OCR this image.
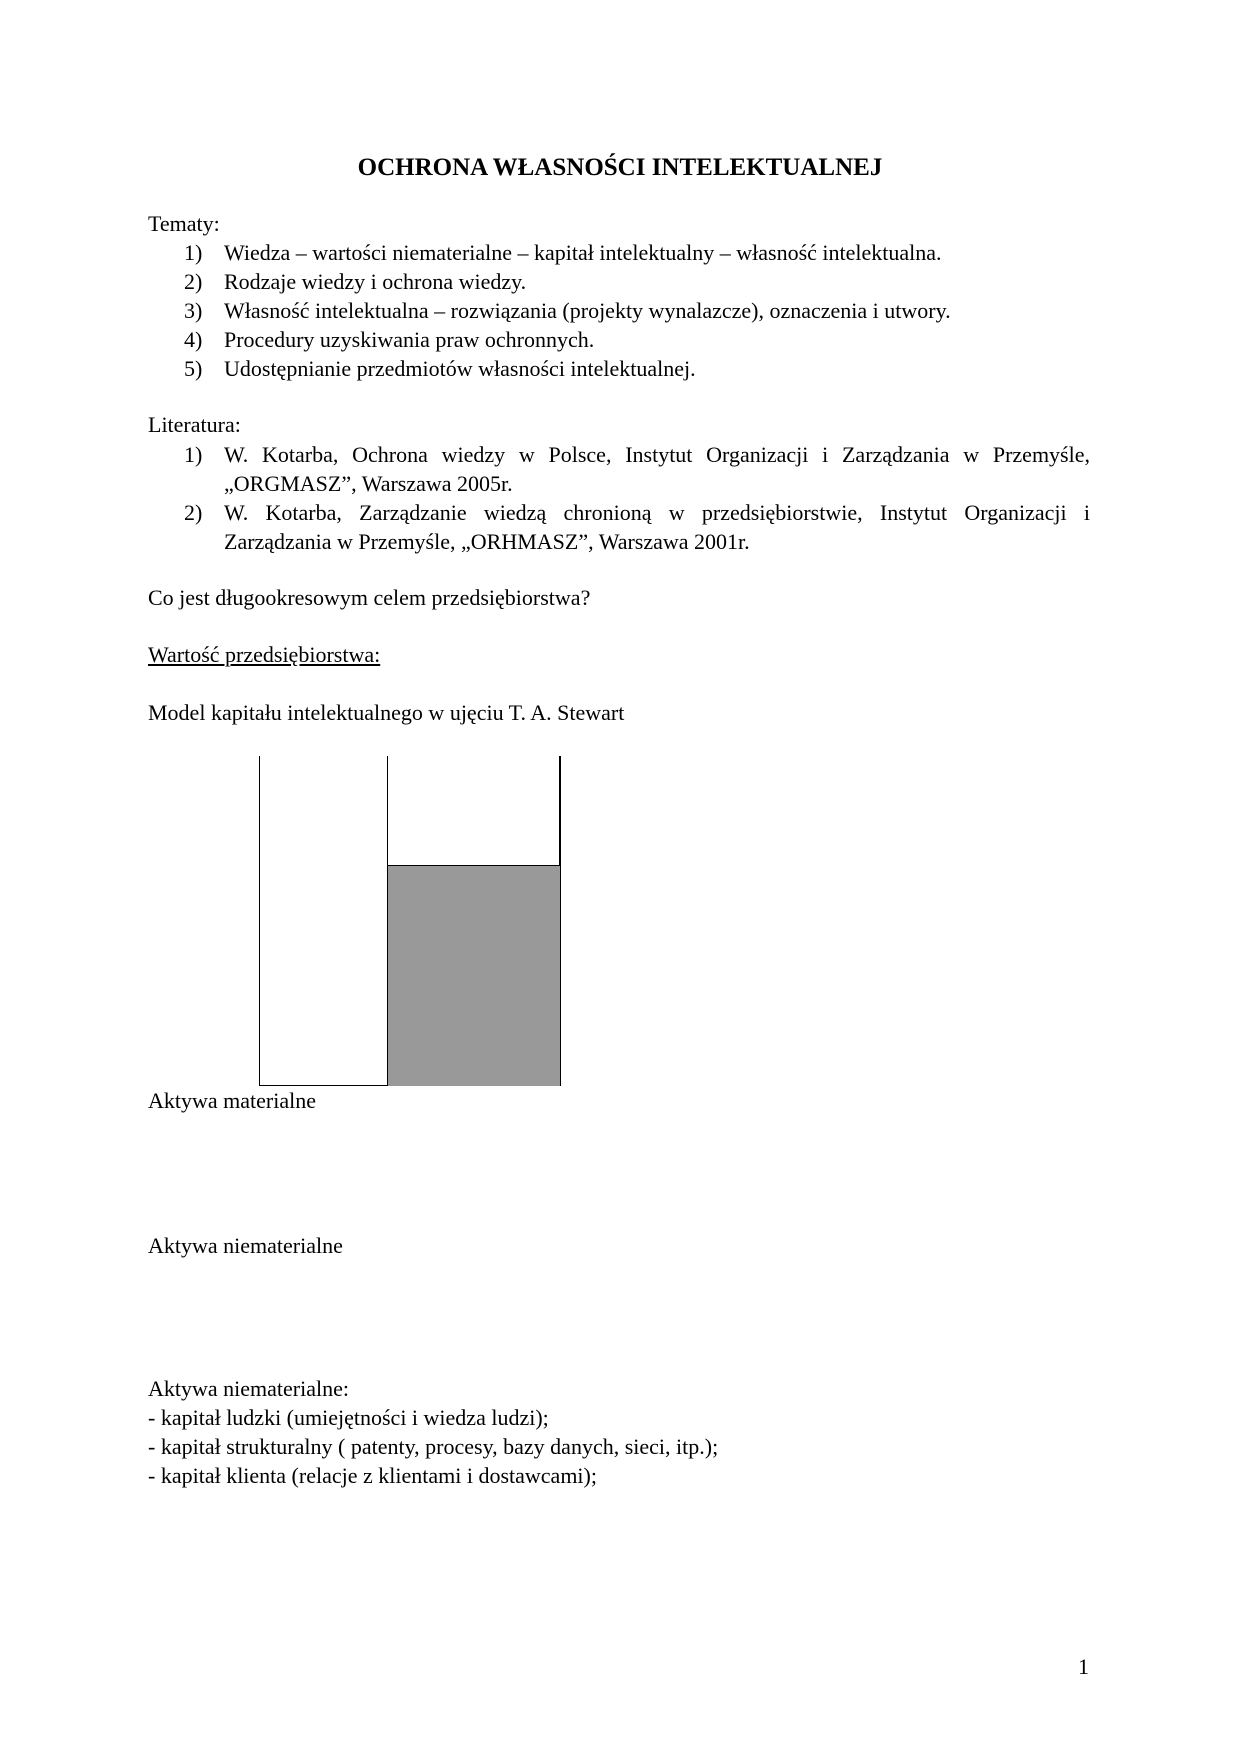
OCHRONA WŁASNOŚCI INTELEKTUALNEJ
Tematy:
1) Wiedza – wartości niematerialne – kapitał intelektualny – własność intelektualna.
2) Rodzaje wiedzy i ochrona wiedzy.
3) Własność intelektualna – rozwiązania (projekty wynalazcze), oznaczenia i utwory.
4) Procedury uzyskiwania praw ochronnych.
5) Udostępnianie przedmiotów własności intelektualnej.
Literatura:
1) W. Kotarba, Ochrona wiedzy w Polsce, Instytut Organizacji i Zarządzania w Przemyśle, „ORGMASZ”, Warszawa 2005r.
2) W. Kotarba, Zarządzanie wiedzą chronioną w przedsiębiorstwie, Instytut Organizacji i Zarządzania w Przemyśle, „ORHMASZ”, Warszawa 2001r.
Co jest długookresowym celem przedsiębiorstwa?
Wartość przedsiębiorstwa:
Model kapitału intelektualnego w ujęciu T. A. Stewart
Aktywa materialne
Aktywa niematerialne
Aktywa niematerialne:
- kapitał ludzki (umiejętności i wiedza ludzi);
- kapitał strukturalny ( patenty, procesy, bazy danych, sieci, itp.);
- kapitał klienta (relacje z klientami i dostawcami);
1
